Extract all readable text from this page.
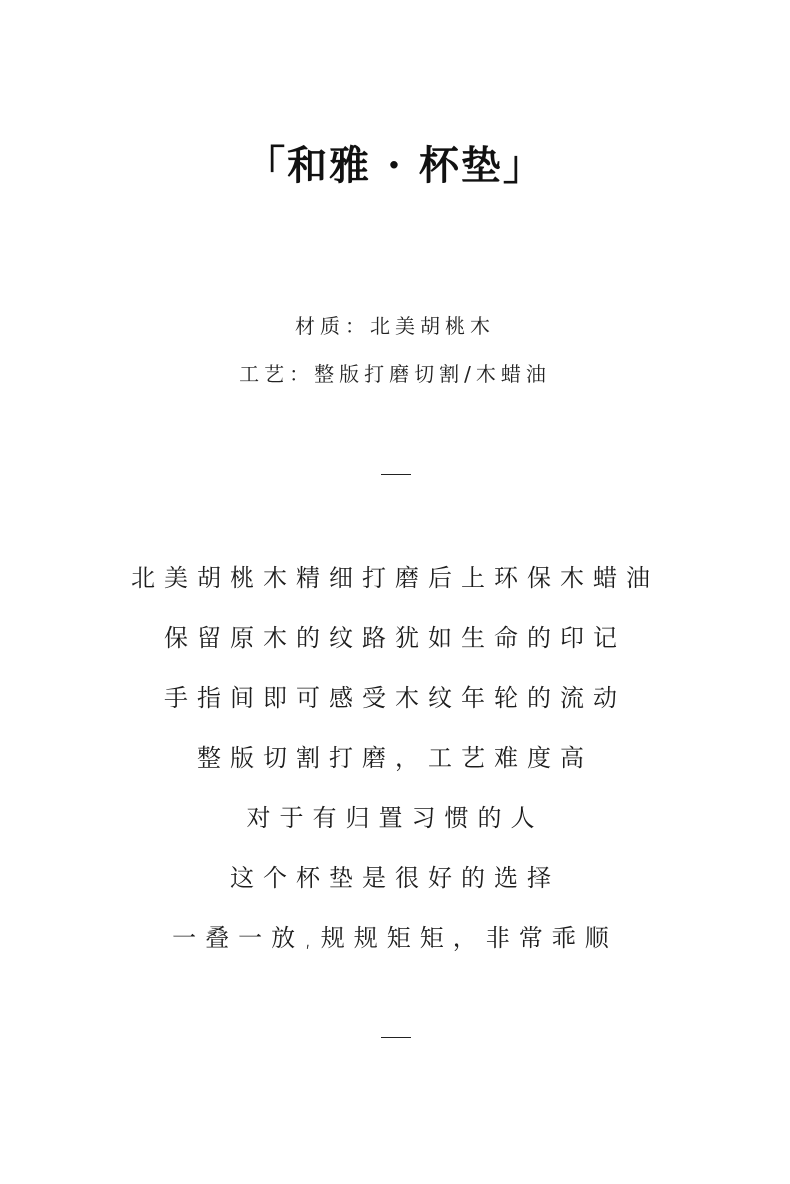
「和雅 · 杯垫」
材质：北美胡桃木
工艺：整版打磨切割/木蜡油
北美胡桃木精细打磨后上环保木蜡油
保留原木的纹路犹如生命的印记
手指间即可感受木纹年轮的流动
整版切割打磨，工艺难度高
对于有归置习惯的人
这个杯垫是很好的选择
一叠一放,规规矩矩，非常乖顺
